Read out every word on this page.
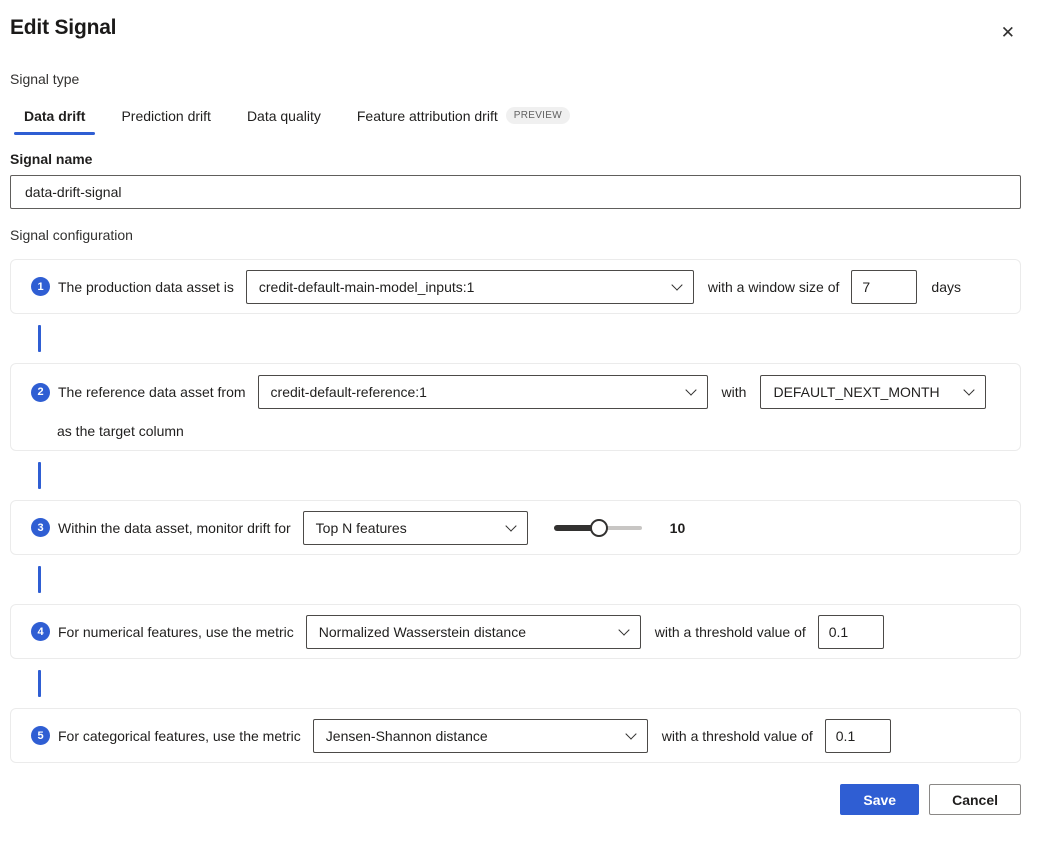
Edit Signal	✕
Signal type
Data drift	Prediction drift	Data quality	Feature attribution drift	PREVIEW
Signal name
data-drift-signal
Signal configuration
1	The production data asset is credit-default-main-model_inputs:1	with a window size of
7	days
2	The reference data asset from credit-default-reference:1	with DEFAULT_NEXT_MONTH
as the target column
3	Within the data asset, monitor drift for Top N features	10
4	For numerical features, use the metric Normalized Wasserstein distance	with a threshold value of
0.1
5	For categorical features, use the metric Jensen-Shannon distance	with a threshold value of
0.1
Save	Cancel
